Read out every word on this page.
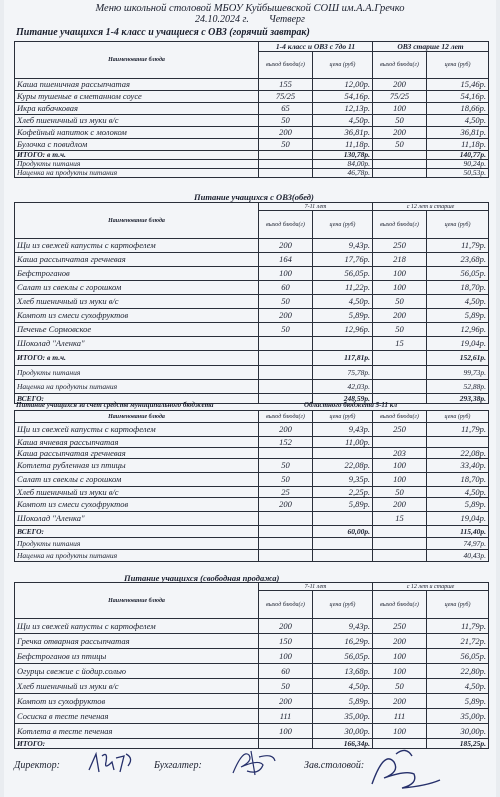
Меню школьной столовой МБОУ Куйбышевской СОШ им.А.А.Гречко
24.10.2024 г. Четверг
Питание учащихся 1-4 класс и учащиеся с ОВЗ (горячий завтрак)
Наименование блюда	1-4 класс и ОВЗ с 7до 11		ОВЗ старше 12 лет	
	выход блюда(г)	цена (руб)	выход блюда(г)	цена (руб)
Каша пшеничная рассыпчатая	155	12,00р.	200	15,46р.
Куры тушеные в сметанном соусе	75/25	54,16р.	75/25	54,16р.
Икра кабачковая	65	12,13р.	100	18,66р.
Хлеб пшеничный из муки в/с	50	4,50р.	50	4,50р.
Кофейный напиток с молоком	200	36,81р.	200	36,81р.
Булочка с повидлом	50	11,18р.	50	11,18р.
ИТОГО: в т.ч.		130,78р.		140,77р.
Продукты питания		84,00р.		90,24р.
Наценка на продукты питания		46,78р.		50,53р.
Питание учащихся с ОВЗ(обед)
Наименование блюда	7-11 лет		с 12 лет и старше	
	выход блюда(г)	цена (руб)	выход блюда(г)	цена (руб)
Щи из свежей капусты с картофелем	200	9,43р.	250	11,79р.
Каша рассыпчатая гречневая	164	17,76р.	218	23,68р.
Бефстроганов	100	56,05р.	100	56,05р.
Салат из свеклы с горошком	60	11,22р.	100	18,70р.
Хлеб пшеничный из муки в/с	50	4,50р.	50	4,50р.
Компот из смеси сухофруктов	200	5,89р.	200	5,89р.
Печенье Сормовское	50	12,96р.	50	12,96р.
Шоколад "Аленка"			15	19,04р.
ИТОГО: в т.ч.		117,81р.		152,61р.
Продукты питания		75,78р.		99,73р.
Наценка на продукты питания		42,03р.		52,88р.
ВСЕГО:		248,59р.		293,38р.
Питание учащихся за счет средств муниципального бюджета	Областного бюджета 5-11 кл
Наименование блюда	выход блюда(г)	цена (руб)	выход блюда(г)	цена (руб)
Щи из свежей капусты с картофелем	200	9,43р.	250	11,79р.
Каша ячневая рассыпчатая	152	11,00р.		
Каша рассыпчатая гречневая			203	22,08р.
Котлета рубленная из птицы	50	22,08р.	100	33,40р.
Салат из свеклы с горошком	50	9,35р.	100	18,70р.
Хлеб пшеничный из муки в/с	25	2,25р.	50	4,50р.
Компот из смеси сухофруктов	200	5,89р.	200	5,89р.
Шоколад "Аленка"			15	19,04р.
ВСЕГО:		60,00р.		115,40р.
Продукты питания				74,97р.
Наценка на продукты питания				40,43р.
Питание учащихся (свободная продажа)
Наименование блюда	7-11 лет		с 12 лет и старше	
	выход блюда(г)	цена (руб)	выход блюда(г)	цена (руб)
Щи из свежей капусты с картофелем	200	9,43р.	250	11,79р.
Гречка отварная рассыпчатая	150	16,29р.	200	21,72р.
Бефстроганов из птицы	100	56,05р.	100	56,05р.
Огурцы свежие с йодир.солью	60	13,68р.	100	22,80р.
Хлеб пшеничный из муки в/с	50	4,50р.	50	4,50р.
Компот из сухофруктов	200	5,89р.	200	5,89р.
Сосиска в тесте печеная	111	35,00р.	111	35,00р.
Котлета в тесте печеная	100	30,00р.	100	30,00р.
ИТОГО:		166,34р.		185,25р.
Директор:	Бухгалтер:	Зав.столовой:
